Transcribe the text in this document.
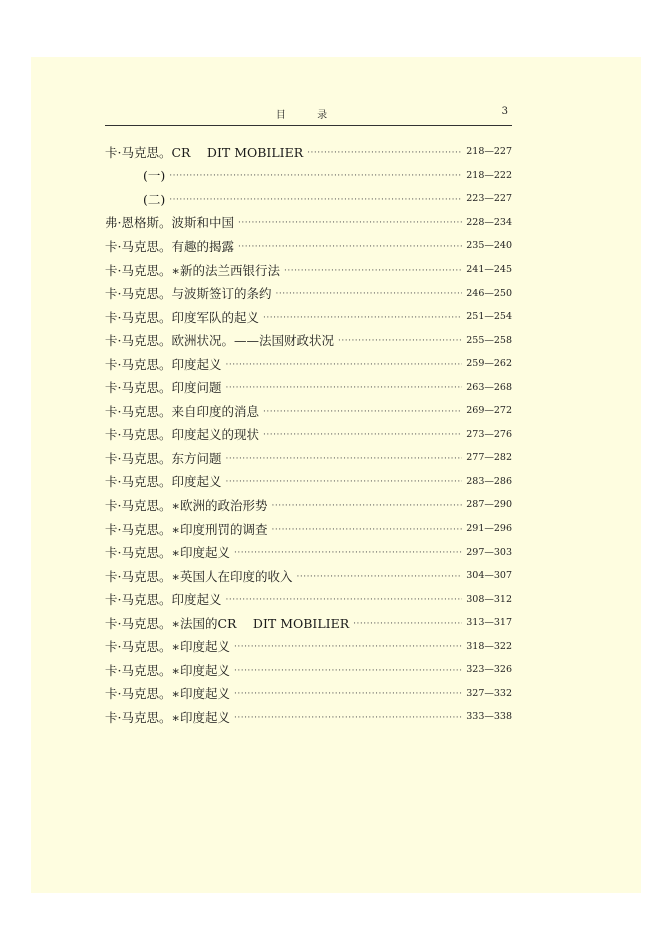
目 录	3
卡·马克思。 CR　 DIT MOBILIER ·····	218—227
(一) ·····	218—222
(二) ·····	223—227
弗·恩格斯。 波斯和中国 ·····	228—234
卡·马克思。 有趣的揭露 ·····	235—240
卡·马克思。 ∗新的法兰西银行法 ·····	241—245
卡·马克思。 与波斯签订的条约 ·····	246—250
卡·马克思。 印度军队的起义 ·····	251—254
卡·马克思。 欧洲状况。——法国财政状况 ·····	255—258
卡·马克思。 印度起义 ·····	259—262
卡·马克思。 印度问题 ·····	263—268
卡·马克思。 来自印度的消息 ·····	269—272
卡·马克思。 印度起义的现状 ·····	273—276
卡·马克思。 东方问题 ·····	277—282
卡·马克思。 印度起义 ·····	283—286
卡·马克思。 ∗欧洲的政治形势 ·····	287—290
卡·马克思。 ∗印度刑罚的调查 ·····	291—296
卡·马克思。 ∗印度起义 ·····	297—303
卡·马克思。 ∗英国人在印度的收入 ·····	304—307
卡·马克思。 印度起义 ·····	308—312
卡·马克思。 ∗法国的CR　 DIT MOBILIER ·····	313—317
卡·马克思。 ∗印度起义 ·····	318—322
卡·马克思。 ∗印度起义 ·····	323—326
卡·马克思。 ∗印度起义 ·····	327—332
卡·马克思。 ∗印度起义 ·····	333—338
